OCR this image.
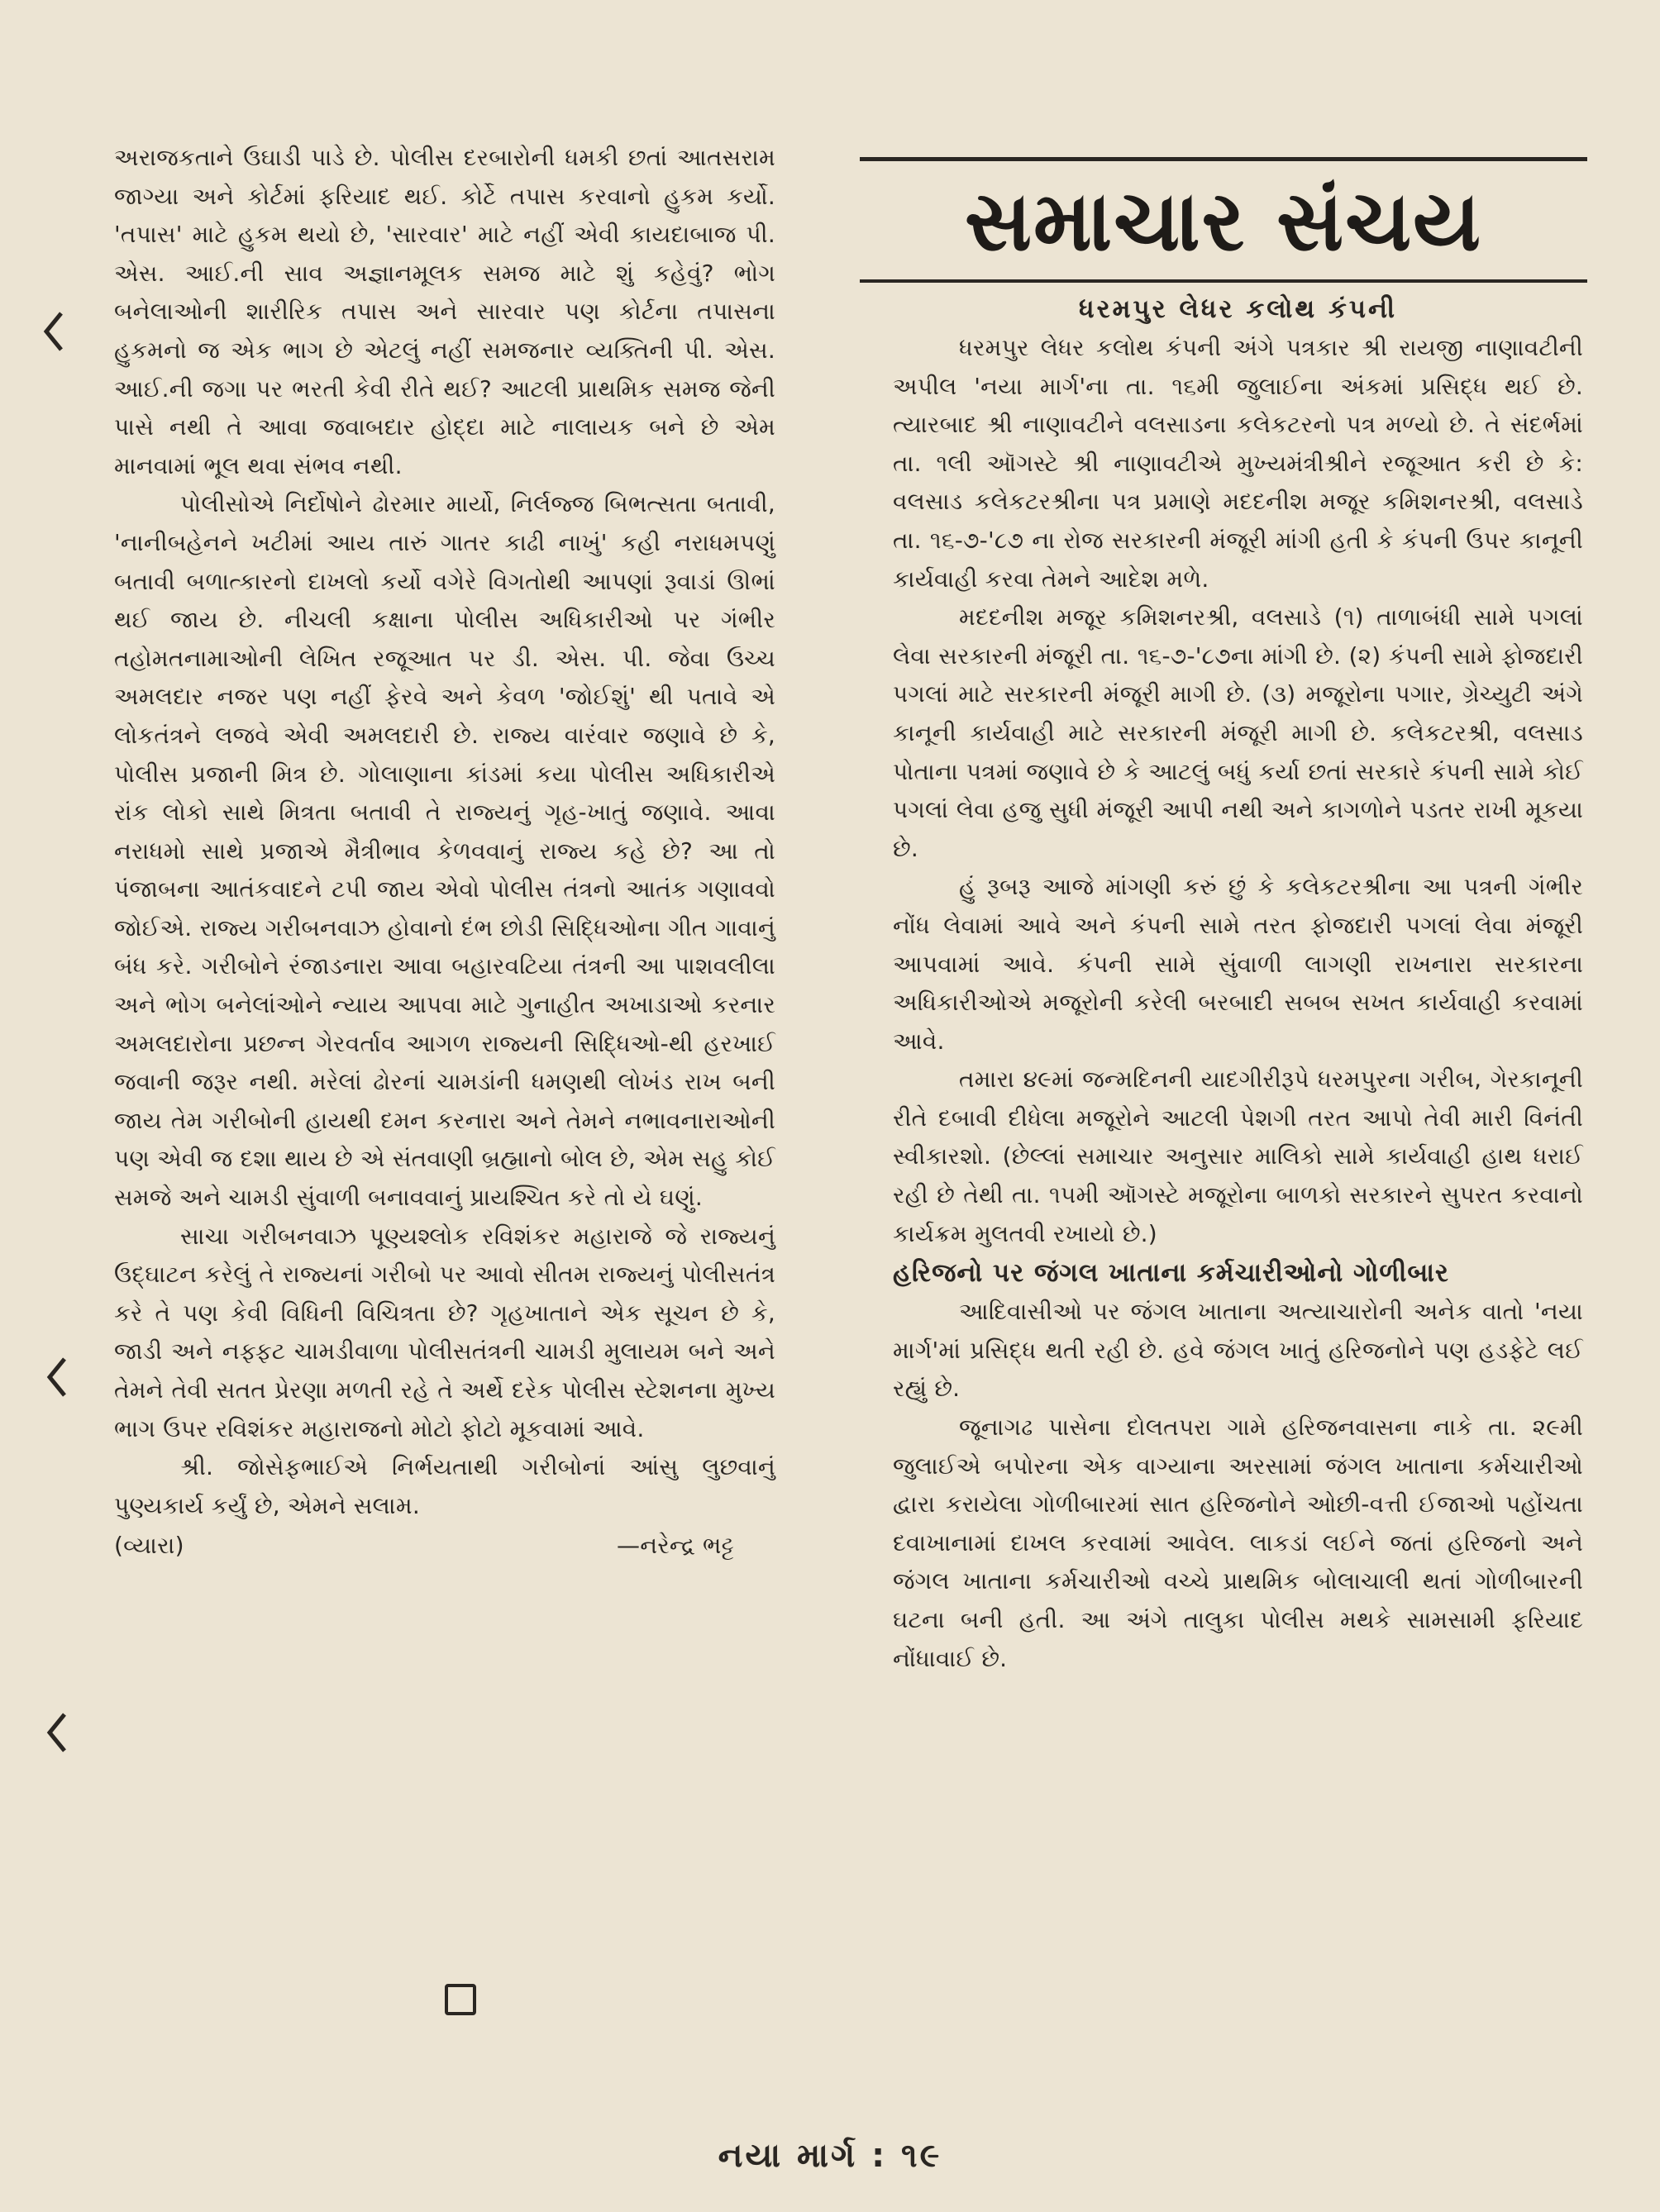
અરાજકતાને ઉઘાડી પાડે છે. પોલીસ દરબારોની ધમકી છતાં આતસરામ જાગ્યા અને કોર્ટમાં ફરિયાદ થઈ. કોર્ટે તપાસ કરવાનો હુકમ કર્યો. 'તપાસ' માટે હુકમ થયો છે, 'સારવાર' માટે નહીં એવી કાયદાબાજ પી. એસ. આઈ.ની સાવ અજ્ઞાનમૂલક સમજ માટે શું કહેવું? ભોગ બનેલાઓની શારીરિક તપાસ અને સારવાર પણ કોર્ટના તપાસના હુકમનો જ એક ભાગ છે એટલું નહીં સમજનાર વ્યક્તિની પી. એસ. આઈ.ની જગા પર ભરતી કેવી રીતે થઈ? આટલી પ્રાથમિક સમજ જેની પાસે નથી તે આવા જવાબદાર હોદ્દા માટે નાલાયક બને છે એમ માનવામાં ભૂલ થવા સંભવ નથી.

પોલીસોએ નિર્દોષોને ઢોરમાર માર્યો, નિર્લજ્જ બિભત્સતા બતાવી, 'નાનીબહેનને ખટીમાં આય તારું ગાતર કાઢી નાખું' કહી નરાધમપણું બતાવી બળાત્કારનો દાખલો કર્યો વગેરે વિગતોથી આપણાં રૂવાડાં ઊભાં થઈ જાય છે. નીચલી કક્ષાના પોલીસ અધિકારીઓ પર ગંભીર તહોમતનામાઓની લેખિત રજૂઆત પર ડી. એસ. પી. જેવા ઉચ્ચ અમલદાર નજર પણ નહીં ફેરવે અને કેવળ 'જોઈશું' થી પતાવે એ લોકતંત્રને લજવે એવી અમલદારી છે. રાજ્ય વારંવાર જણાવે છે કે, પોલીસ પ્રજાની મિત્ર છે. ગોલાણાના કાંડમાં કયા પોલીસ અધિકારીએ રાંક લોકો સાથે મિત્રતા બતાવી તે રાજ્યનું ગૃહ-ખાતું જણાવે. આવા નરાધમો સાથે પ્રજાએ મૈત્રીભાવ કેળવવાનું રાજ્ય કહે છે? આ તો પંજાબના આતંકવાદને ટપી જાય એવો પોલીસ તંત્રનો આતંક ગણાવવો જોઈએ. રાજ્ય ગરીબનવાઝ હોવાનો દંભ છોડી સિદ્ધિઓના ગીત ગાવાનું બંધ કરે. ગરીબોને રંજાડનારા આવા બહારવટિયા તંત્રની આ પાશવલીલા અને ભોગ બનેલાંઓને ન્યાય આપવા માટે ગુનાહીત અખાડાઓ કરનાર અમલદારોના પ્રછન્ન ગેરવર્તાવ આગળ રાજ્યની સિદ્ધિઓ-થી હરખાઈ જવાની જરૂર નથી. મરેલાં ઢોરનાં ચામડાંની ધમણથી લોખંડ રાખ બની જાય તેમ ગરીબોની હાયથી દમન કરનારા અને તેમને નભાવનારાઓની પણ એવી જ દશા થાય છે એ સંતવાણી બ્રહ્માનો બોલ છે, એમ સહુ કોઈ સમજે અને ચામડી સુંવાળી બનાવવાનું પ્રાયશ્ચિત કરે તો યે ઘણું.

સાચા ગરીબનવાઝ પૂણ્યશ્લોક રવિશંકર મહારાજે જે રાજ્યનું ઉદ્ઘાટન કરેલું તે રાજ્યનાં ગરીબો પર આવો સીતમ રાજ્યનું પોલીસતંત્ર કરે તે પણ કેવી વિધિની વિચિત્રતા છે? ગૃહખાતાને એક સૂચન છે કે, જાડી અને નફ્ફટ ચામડીવાળા પોલીસતંત્રની ચામડી મુલાયમ બને અને તેમને તેવી સતત પ્રેરણા મળતી રહે તે અર્થે દરેક પોલીસ સ્ટેશનના મુખ્ય ભાગ ઉપર રવિશંકર મહારાજનો મોટો ફોટો મૂકવામાં આવે.

શ્રી. જોસેફભાઈએ નિર્ભયતાથી ગરીબોનાં આંસુ લુછવાનું પુણ્યકાર્ય કર્યું છે, એમને સલામ.

(વ્યારા)	—નરેન્દ્ર ભટ્ટ
સમાચાર સંચય
ધરમપુર લેધર કલોથ કંપની

ધરમપુર લેધર કલોથ કંપની અંગે પત્રકાર શ્રી રાયજી નાણાવટીની અપીલ 'નયા માર્ગ'ના તા. ૧૬મી જુલાઈના અંકમાં પ્રસિદ્ધ થઈ છે. ત્યારબાદ શ્રી નાણાવટીને વલસાડના કલેકટરનો પત્ર મળ્યો છે. તે સંદર્ભમાં તા. ૧લી ઑગસ્ટે શ્રી નાણાવટીએ મુખ્યમંત્રીશ્રીને રજૂઆત કરી છે કે: વલસાડ કલેકટરશ્રીના પત્ર પ્રમાણે મદદનીશ મજૂર કમિશનરશ્રી, વલસાડે તા. ૧૬-૭-'૮૭ ના રોજ સરકારની મંજૂરી માંગી હતી કે કંપની ઉપર કાનૂની કાર્યવાહી કરવા તેમને આદેશ મળે.

મદદનીશ મજૂર કમિશનરશ્રી, વલસાડે (૧) તાળાબંધી સામે પગલાં લેવા સરકારની મંજૂરી તા. ૧૬-૭-'૮૭ના માંગી છે. (૨) કંપની સામે ફોજદારી પગલાં માટે સરકારની મંજૂરી માગી છે. (૩) મજૂરોના પગાર, ગ્રેચ્યુટી અંગે કાનૂની કાર્યવાહી માટે સરકારની મંજૂરી માગી છે. કલેકટરશ્રી, વલસાડ પોતાના પત્રમાં જણાવે છે કે આટલું બધું કર્યા છતાં સરકારે કંપની સામે કોઈ પગલાં લેવા હજુ સુધી મંજૂરી આપી નથી અને કાગળોને પડતર રાખી મૂકયા છે.

હું રૂબરૂ આજે માંગણી કરું છું કે કલેકટરશ્રીના આ પત્રની ગંભીર નોંધ લેવામાં આવે અને કંપની સામે તરત ફોજદારી પગલાં લેવા મંજૂરી આપવામાં આવે. કંપની સામે સુંવાળી લાગણી રાખનારા સરકારના અધિકારીઓએ મજૂરોની કરેલી બરબાદી સબબ સખત કાર્યવાહી કરવામાં આવે.

તમારા ૪૯માં જન્મદિનની યાદગીરીરૂપે ધરમપુરના ગરીબ, ગેરકાનૂની રીતે દબાવી દીધેલા મજૂરોને આટલી પેશગી તરત આપો તેવી મારી વિનંતી સ્વીકારશો. (છેલ્લાં સમાચાર અનુસાર માલિકો સામે કાર્યવાહી હાથ ધરાઈ રહી છે તેથી તા. ૧૫મી ઑગસ્ટે મજૂરોના બાળકો સરકારને સુપરત કરવાનો કાર્યક્રમ મુલતવી રખાયો છે.)

હરિજનો પર જંગલ ખાતાના કર્મચારીઓનો ગોળીબાર

આદિવાસીઓ પર જંગલ ખાતાના અત્યાચારોની અનેક વાતો 'નયા માર્ગ'માં પ્રસિદ્ધ થતી રહી છે. હવે જંગલ ખાતું હરિજનોને પણ હડફેટે લઈ રહ્યું છે.

જૂનાગઢ પાસેના દોલતપરા ગામે હરિજનવાસના નાકે તા. ૨૯મી જુલાઈએ બપોરના એક વાગ્યાના અરસામાં જંગલ ખાતાના કર્મચારીઓ દ્વારા કરાયેલા ગોળીબારમાં સાત હરિજનોને ઓછી-વત્તી ઈજાઓ પહોંચતા દવાખાનામાં દાખલ કરવામાં આવેલ. લાકડાં લઈને જતાં હરિજનો અને જંગલ ખાતાના કર્મચારીઓ વચ્ચે પ્રાથમિક બોલાચાલી થતાં ગોળીબારની ઘટના બની હતી. આ અંગે તાલુકા પોલીસ મથકે સામસામી ફરિયાદ નોંધાવાઈ છે.

નયા માર્ગ : ૧૯
